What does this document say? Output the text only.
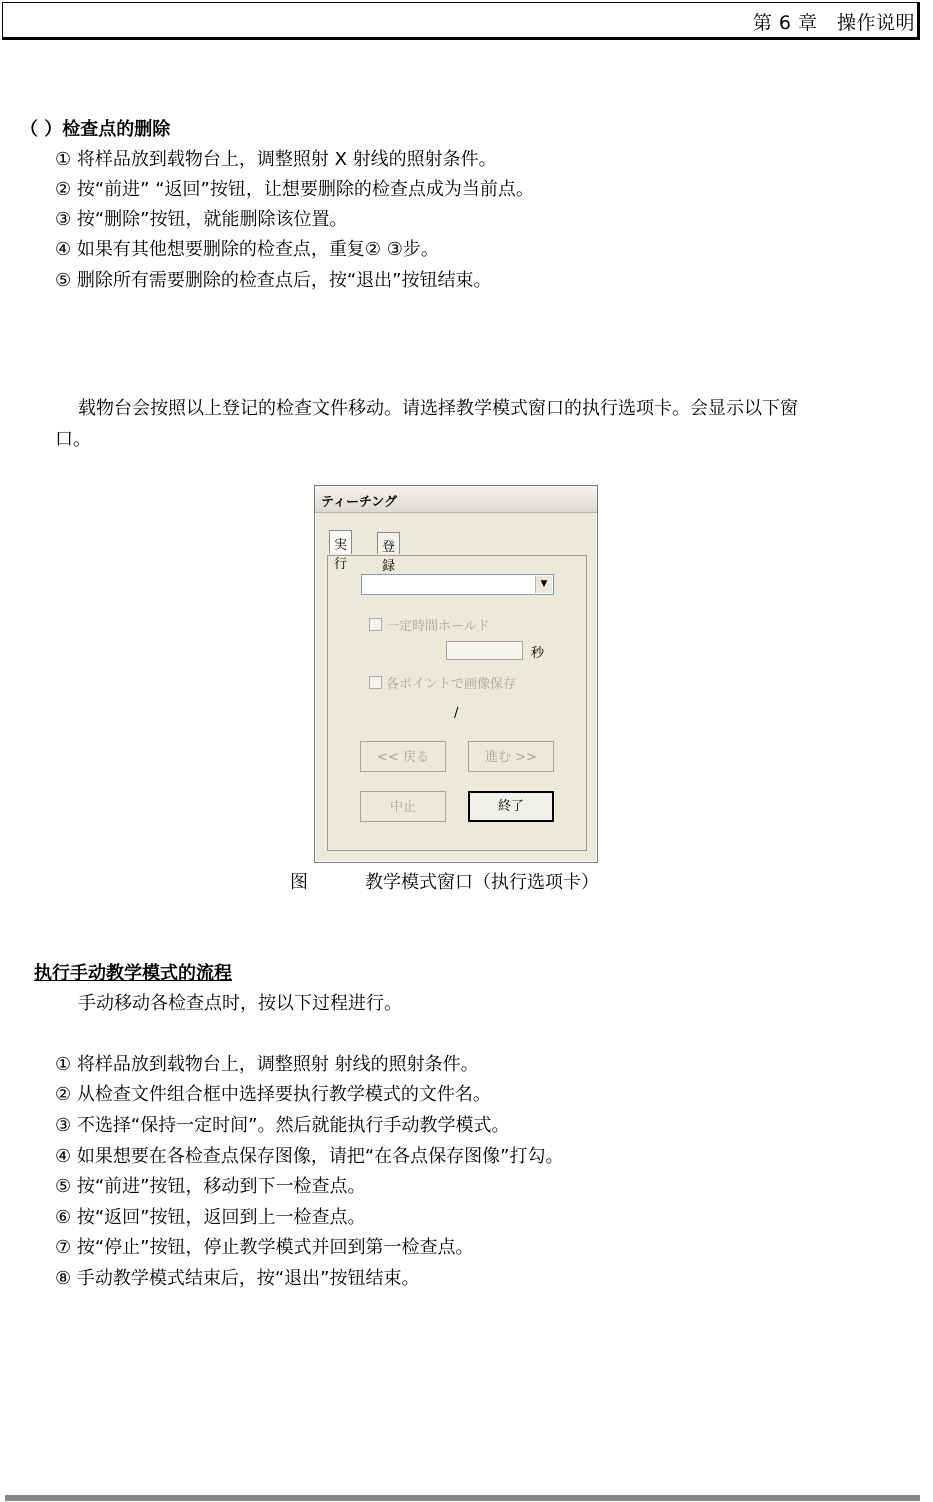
第 6 章　操作说明
（ ）检查点的删除
① 将样品放到载物台上，调整照射 X 射线的照射条件。
② 按“前进” “返回”按钮，让想要删除的检查点成为当前点。
③ 按“删除”按钮，就能删除该位置。
④ 如果有其他想要删除的检查点，重复② ③步。
⑤ 删除所有需要删除的检查点后，按“退出”按钮结束。
载物台会按照以上登记的检查文件移动。请选择教学模式窗口的执行选项卡。会显示以下窗
口。
ティーチング
実行
登録
▼
一定時間ホールド
秒
各ポイントで画像保存
/
<< 戻る	進む >>
中止	終了
图	教学模式窗口（执行选项卡）
执行手动教学模式的流程
手动移动各检查点时，按以下过程进行。
① 将样品放到载物台上，调整照射 射线的照射条件。
② 从检查文件组合框中选择要执行教学模式的文件名。
③ 不选择“保持一定时间”。然后就能执行手动教学模式。
④ 如果想要在各检查点保存图像，请把“在各点保存图像”打勾。
⑤ 按“前进”按钮，移动到下一检查点。
⑥ 按“返回”按钮，返回到上一检查点。
⑦ 按“停止”按钮，停止教学模式并回到第一检查点。
⑧ 手动教学模式结束后，按“退出”按钮结束。
